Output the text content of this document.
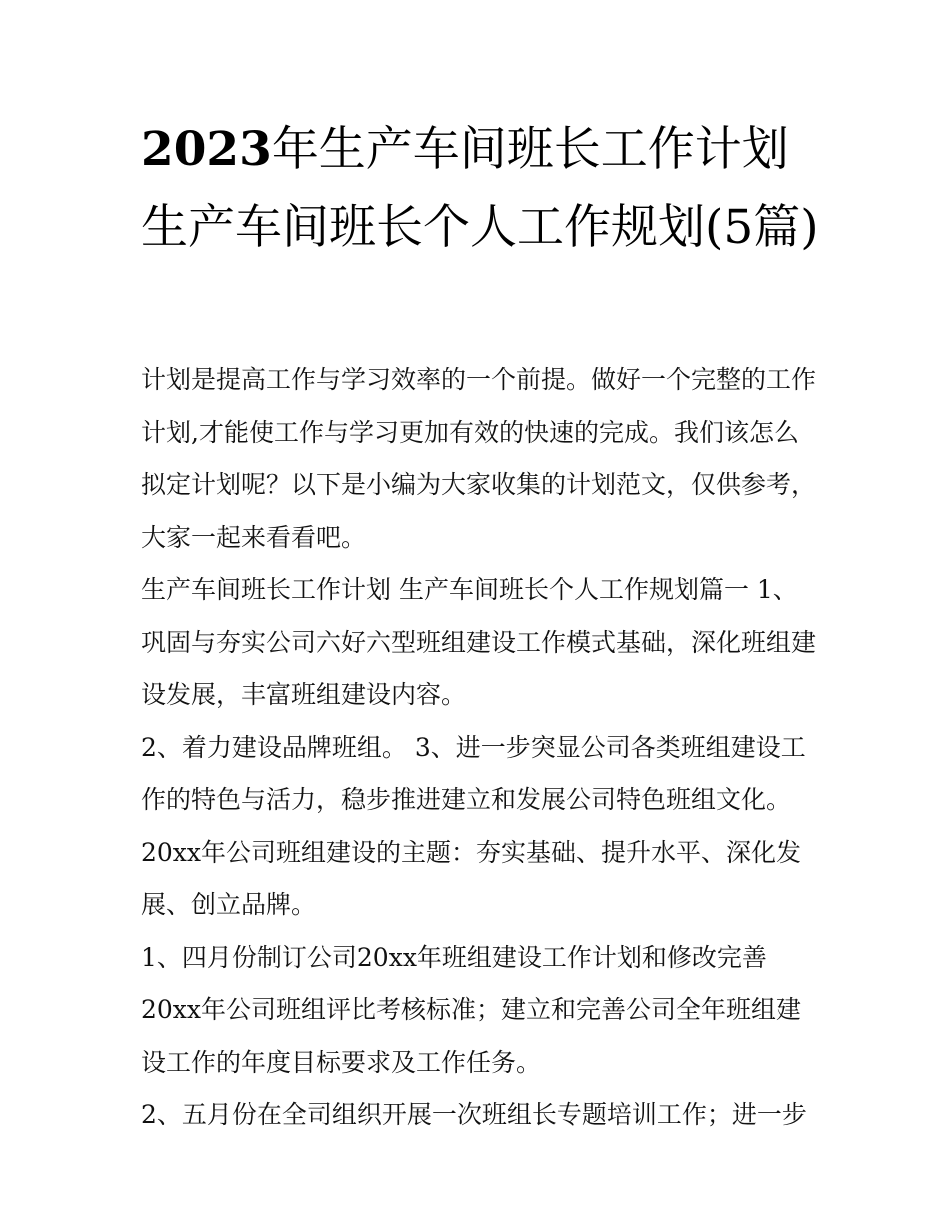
2023年生产车间班长工作计划 生产车间班长个人工作规划(5篇)

计划是提高工作与学习效率的一个前提。做好一个完整的工作计划,才能使工作与学习更加有效的快速的完成。我们该怎么拟定计划呢？以下是小编为大家收集的计划范文，仅供参考，大家一起来看看吧。

生产车间班长工作计划 生产车间班长个人工作规划篇一 1、巩固与夯实公司六好六型班组建设工作模式基础，深化班组建设发展，丰富班组建设内容。

2、着力建设品牌班组。 3、进一步突显公司各类班组建设工作的特色与活力，稳步推进建立和发展公司特色班组文化。

20xx年公司班组建设的主题：夯实基础、提升水平、深化发展、创立品牌。

1、四月份制订公司20xx年班组建设工作计划和修改完善20xx年公司班组评比考核标准；建立和完善公司全年班组建设工作的年度目标要求及工作任务。

2、五月份在全司组织开展一次班组长专题培训工作；进一步
